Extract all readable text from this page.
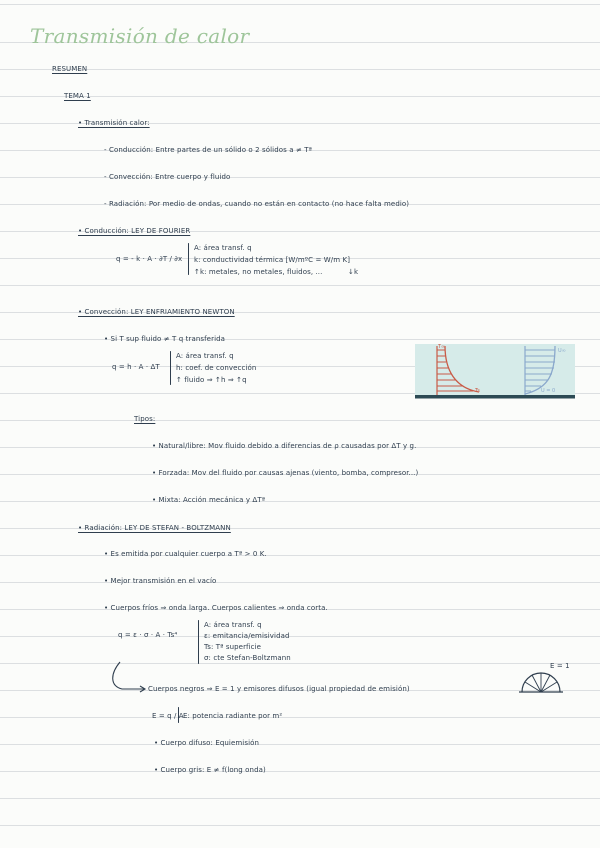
Transmisión de calor
RESUMEN
TEMA 1
• Transmisión calor:
- Conducción: Entre partes de un sólido o 2 sólidos a ≠ Tª
- Convección: Entre cuerpo y fluido
- Radiación: Por medio de ondas, cuando no están en contacto (no hace falta medio)
• Conducción: LEY DE FOURIER
q = - k · A · ∂T / ∂x
A: área transf. q
k: conductividad térmica [W/mºC = W/m K]
↑k: metales, no metales, fluidos, ...	↓k
• Convección: LEY ENFRIAMIENTO NEWTON
• Si T sup fluido ≠ T q transferida
q = h · A · ΔT
A: área transf. q
h: coef. de convección
↑ fluido ⇒ ↑h ⇒ ↑q
T∞
Ts
U∞
U = 0
Tipos:
• Natural/libre: Mov fluido debido a diferencias de ρ causadas por ΔT y g.
• Forzada: Mov del fluido por causas ajenas (viento, bomba, compresor...)
• Mixta: Acción mecánica y ΔTª
• Radiación: LEY DE STEFAN - BOLTZMANN
• Es emitida por cualquier cuerpo a Tª > 0 K.
• Mejor transmisión en el vacío
• Cuerpos fríos ⇒ onda larga. Cuerpos calientes ⇒ onda corta.
q = ε · σ · A · Ts⁴
A: área transf. q
ε: emitancia/emisividad
Ts: Tª superficie
σ: cte Stefan-Boltzmann
Cuerpos negros ⇒ E = 1 y emisores difusos (igual propiedad de emisión)
E = 1
E = q / A E: potencia radiante por m²
• Cuerpo difuso: Equiemisión
• Cuerpo gris: E ≠ f(long onda)
